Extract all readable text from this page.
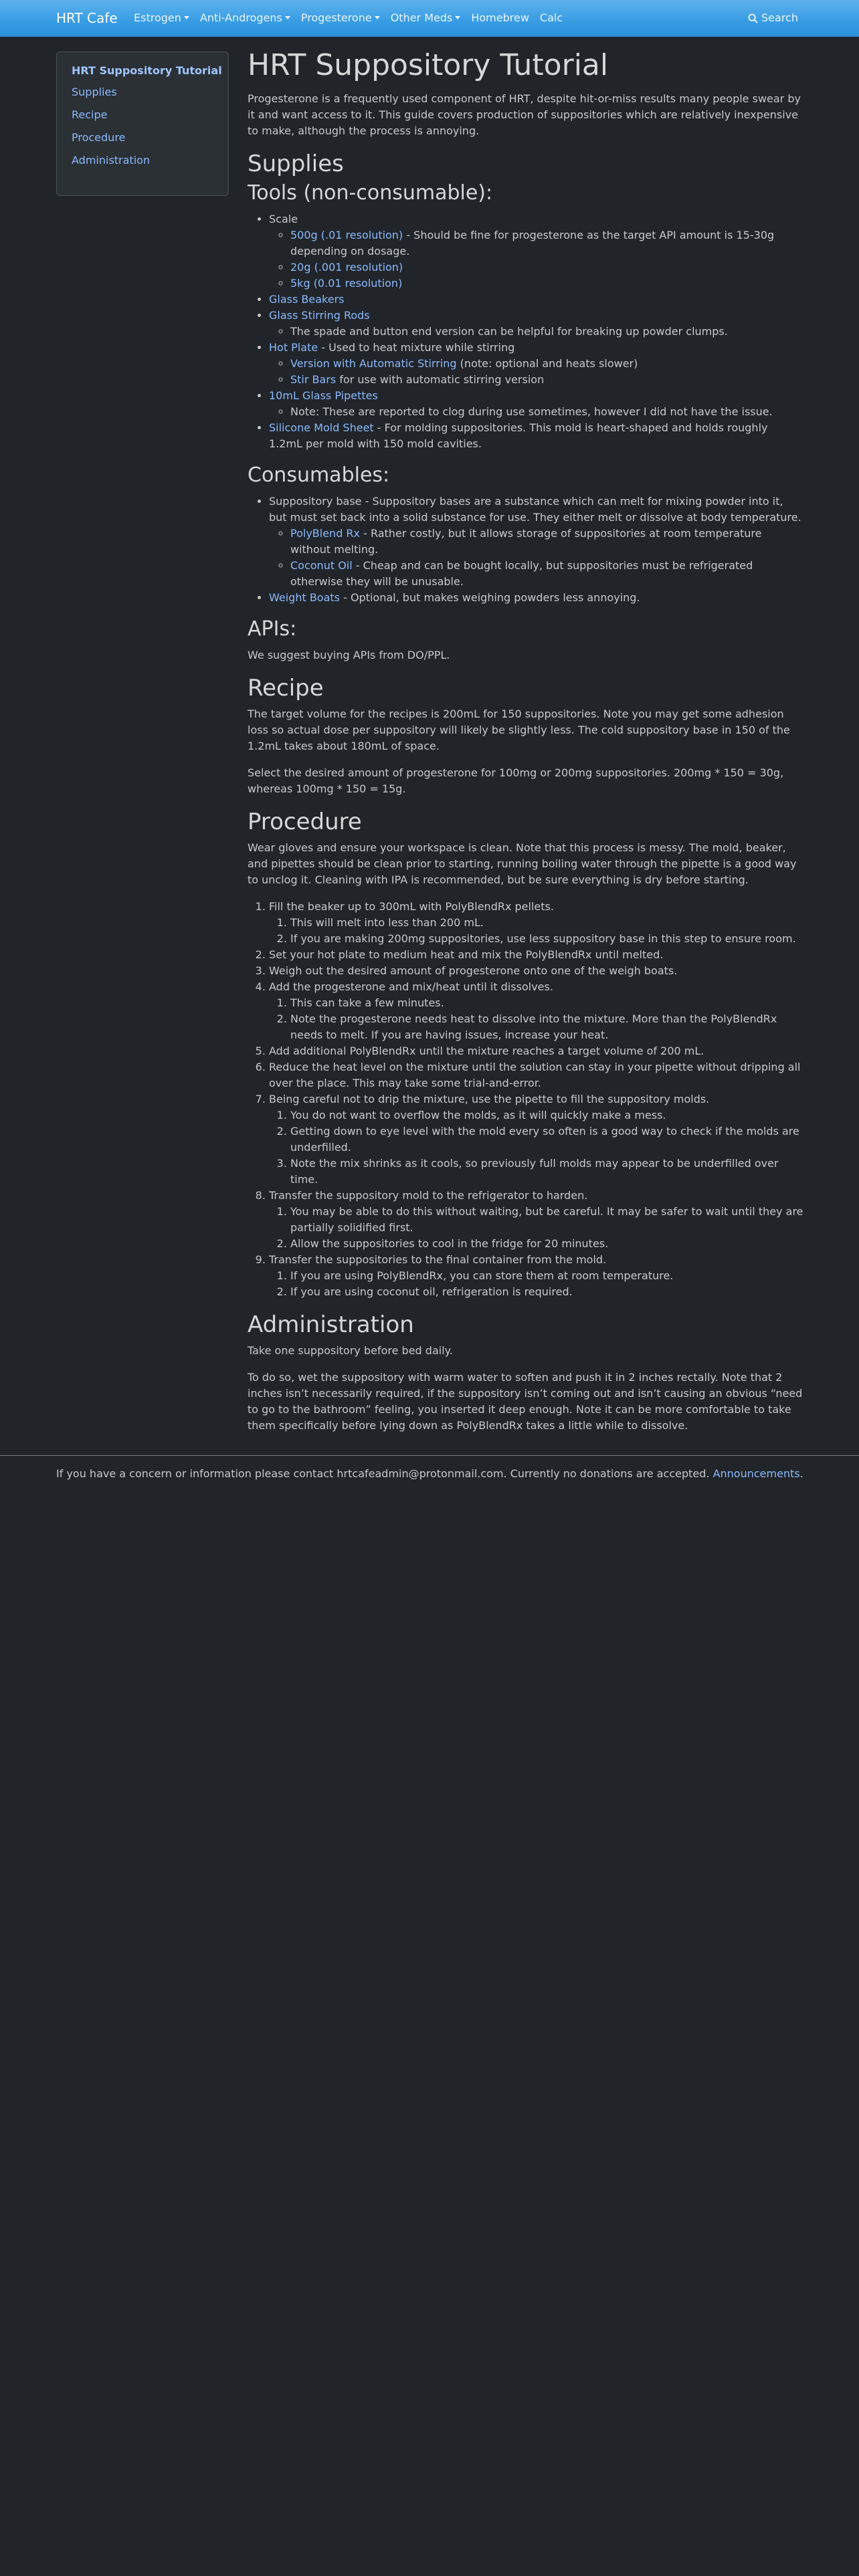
HRT Cafe Estrogen	Anti-Androgens	Progesterone	Other Meds	Homebrew Calc	Search
HRT Suppository Tutorial
Supplies
Recipe
Procedure
Administration
HRT Suppository Tutorial

Progesterone is a frequently used component of HRT, despite hit-or-miss results many people swear by it and want access to it. This guide covers production of suppositories which are relatively inexpensive to make, although the process is annoying.

Supplies
Tools (non-consumable):
• Scale
◦ 500g (.01 resolution) - Should be fine for progesterone as the target API amount is 15-30g depending on dosage.
◦ 20g (.001 resolution)
◦ 5kg (0.01 resolution)
• Glass Beakers
• Glass Stirring Rods
◦ The spade and button end version can be helpful for breaking up powder clumps.
• Hot Plate - Used to heat mixture while stirring
◦ Version with Automatic Stirring (note: optional and heats slower)
◦ Stir Bars for use with automatic stirring version
• 10mL Glass Pipettes
◦ Note: These are reported to clog during use sometimes, however I did not have the issue.
• Silicone Mold Sheet - For molding suppositories. This mold is heart-shaped and holds roughly 1.2mL per mold with 150 mold cavities.
Consumables:
• Suppository base - Suppository bases are a substance which can melt for mixing powder into it, but must set back into a solid substance for use. They either melt or dissolve at body temperature.
◦ PolyBlend Rx - Rather costly, but it allows storage of suppositories at room temperature without melting.
◦ Coconut Oil - Cheap and can be bought locally, but suppositories must be refrigerated otherwise they will be unusable.
• Weight Boats - Optional, but makes weighing powders less annoying.
APIs:

We suggest buying APIs from DO/PPL.

Recipe

The target volume for the recipes is 200mL for 150 suppositories. Note you may get some adhesion loss so actual dose per suppository will likely be slightly less. The cold suppository base in 150 of the 1.2mL takes about 180mL of space.

Select the desired amount of progesterone for 100mg or 200mg suppositories. 200mg * 150 = 30g, whereas 100mg * 150 = 15g.

Procedure

Wear gloves and ensure your workspace is clean. Note that this process is messy. The mold, beaker, and pipettes should be clean prior to starting, running boiling water through the pipette is a good way to unclog it. Cleaning with IPA is recommended, but be sure everything is dry before starting.

1. Fill the beaker up to 300mL with PolyBlendRx pellets.
1. This will melt into less than 200 mL.
2. If you are making 200mg suppositories, use less suppository base in this step to ensure room.
2. Set your hot plate to medium heat and mix the PolyBlendRx until melted.
3. Weigh out the desired amount of progesterone onto one of the weigh boats.
4. Add the progesterone and mix/heat until it dissolves.
1. This can take a few minutes.
2. Note the progesterone needs heat to dissolve into the mixture. More than the PolyBlendRx needs to melt. If you are having issues, increase your heat.
5. Add additional PolyBlendRx until the mixture reaches a target volume of 200 mL.
6. Reduce the heat level on the mixture until the solution can stay in your pipette without dripping all over the place. This may take some trial-and-error.
7. Being careful not to drip the mixture, use the pipette to fill the suppository molds.
1. You do not want to overflow the molds, as it will quickly make a mess.
2. Getting down to eye level with the mold every so often is a good way to check if the molds are underfilled.
3. Note the mix shrinks as it cools, so previously full molds may appear to be underfilled over time.
8. Transfer the suppository mold to the refrigerator to harden.
1. You may be able to do this without waiting, but be careful. It may be safer to wait until they are partially solidified first.
2. Allow the suppositories to cool in the fridge for 20 minutes.
9. Transfer the suppositories to the final container from the mold.
1. If you are using PolyBlendRx, you can store them at room temperature.
2. If you are using coconut oil, refrigeration is required.
Administration

Take one suppository before bed daily.

To do so, wet the suppository with warm water to soften and push it in 2 inches rectally. Note that 2 inches isn’t necessarily required, if the suppository isn’t coming out and isn’t causing an obvious “need to go to the bathroom” feeling, you inserted it deep enough. Note it can be more comfortable to take them specifically before lying down as PolyBlendRx takes a little while to dissolve.

If you have a concern or information please contact hrtcafeadmin@protonmail.com. Currently no donations are accepted. Announcements.
